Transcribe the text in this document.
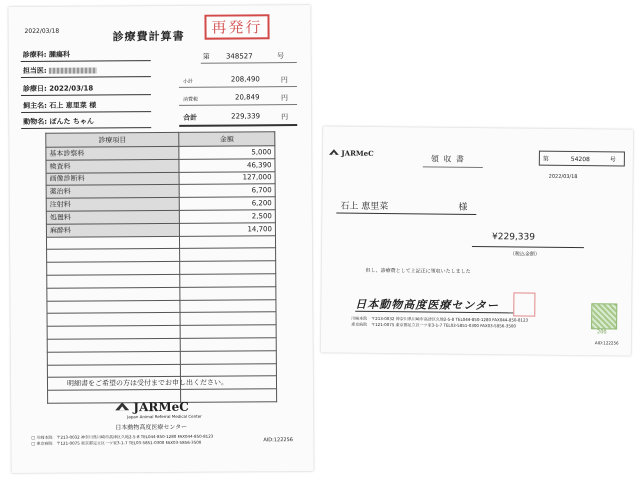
2022/03/18	診療費計算書	再発行
第 348527	号
診療科: 腫瘍科
担当医:
診療日: 2022/03/18
飼主名: 石上 恵里菜 様
動物名: ぽんた ちゃん
小計	208,490	円
消費税	20,849	円
合計	229,339	円
診療項目	金額
基本診察料	5,000
検査料	46,390
画像診断料	127,000
薬治料	6,700
注射料	6,200
処置料	2,500
麻酔料	14,700

明細書をご希望の方は受付までお申し出ください。
JARMeC
Japan Animal Referral Medical Center
日本動物高度医療センター
□ 川崎本院　〒213-0032 神奈川県川崎市高津区久地2-5-8 TEL044-850-1280 FAX044-850-8123
□ 東京病院　〒121-0075 東京都足立区一ツ家3-1-7 TEL03-5851-0300 FAX03-5856-3500	AID:122256
JARMeC
領 収 書	第	54208	号
2022/03/18
石上 恵里菜	様
¥229,339
（税込金額）
但し、診療費として上記正に領収いたしました
日本動物高度医療センター
川崎本院　〒213-0032 神奈川県川崎市高津区久地2-5-8 TEL044-850-1280 FAX044-850-8123
東京病院　〒121-0075 東京都足立区一ツ家3-1-7 TEL03-5851-0300 FAX03-5856-3500
200
AID:122256
